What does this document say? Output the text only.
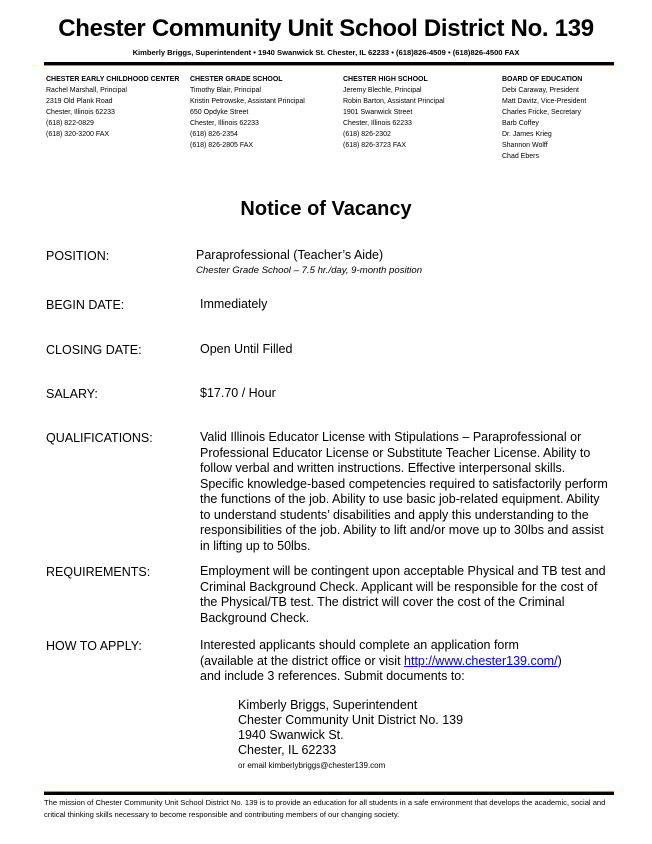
Chester Community Unit School District No. 139
Kimberly Briggs, Superintendent • 1940 Swanwick St. Chester, IL 62233 • (618)826-4509 • (618)826-4500 FAX
CHESTER EARLY CHILDHOOD CENTER
Rachel Marshall, Principal
2319 Old Plank Road
Chester, Illinois 62233
(618) 822-0829
(618) 320-3200 FAX
CHESTER GRADE SCHOOL
Timothy Blair, Principal
Kristin Petrowske, Assistant Principal
650 Opdyke Street
Chester, Illinois 62233
(618) 826-2354
(618) 826-2805 FAX
CHESTER HIGH SCHOOL
Jeremy Blechle, Principal
Robin Barton, Assistant Principal
1901 Swanwick Street
Chester, Illinois 62233
(618) 826-2302
(618) 826-3723 FAX
BOARD OF EDUCATION
Debi Caraway, President
Matt Davitz, Vice-President
Charles Fricke, Secretary
Barb Coffey
Dr. James Krieg
Shannon Wolff
Chad Ebers
Notice of Vacancy
POSITION:	Paraprofessional (Teacher’s Aide)
Chester Grade School – 7.5 hr./day, 9-month position
BEGIN DATE:	Immediately
CLOSING DATE:	Open Until Filled
SALARY:	$17.70 / Hour
QUALIFICATIONS:	Valid Illinois Educator License with Stipulations – Paraprofessional or Professional Educator License or Substitute Teacher License. Ability to follow verbal and written instructions. Effective interpersonal skills. Specific knowledge-based competencies required to satisfactorily perform the functions of the job. Ability to use basic job-related equipment. Ability to understand students’ disabilities and apply this understanding to the responsibilities of the job. Ability to lift and/or move up to 30lbs and assist in lifting up to 50lbs.
REQUIREMENTS:	Employment will be contingent upon acceptable Physical and TB test and Criminal Background Check. Applicant will be responsible for the cost of the Physical/TB test. The district will cover the cost of the Criminal Background Check.
HOW TO APPLY:	Interested applicants should complete an application form
(available at the district office or visit http://www.chester139.com/)
and include 3 references. Submit documents to:
Kimberly Briggs, Superintendent
Chester Community Unit District No. 139
1940 Swanwick St.
Chester, IL 62233
or email kimberlybriggs@chester139.com
The mission of Chester Community Unit School District No. 139 is to provide an education for all students in a safe environment that develops the academic, social and critical thinking skills necessary to become responsible and contributing members of our changing society.
